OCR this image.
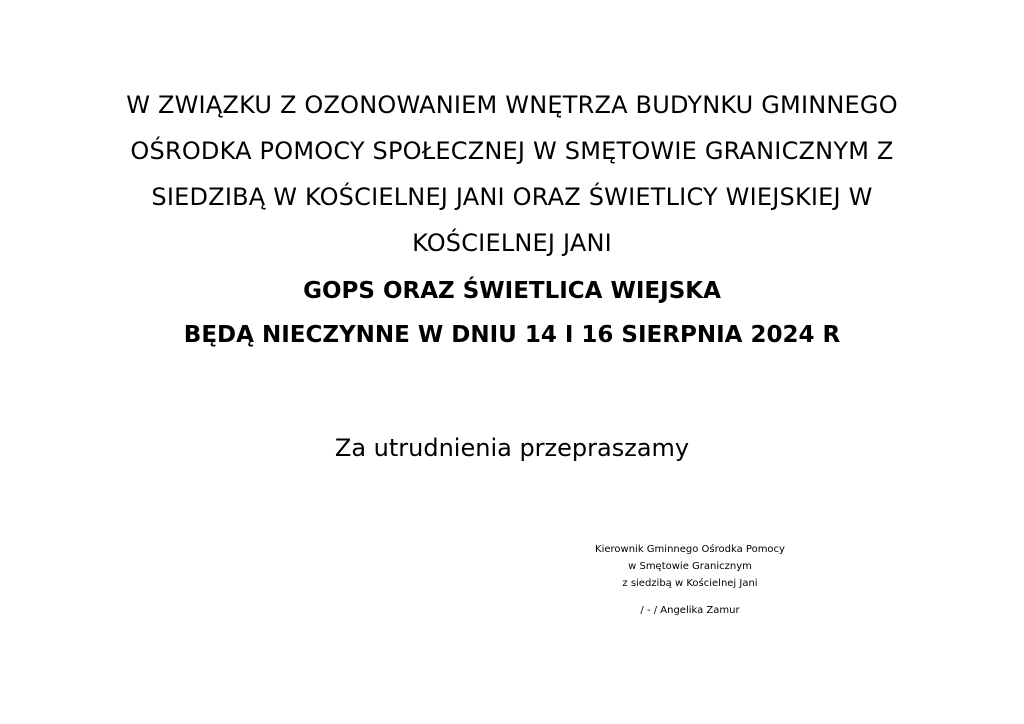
W ZWIĄZKU Z OZONOWANIEM WNĘTRZA BUDYNKU GMINNEGO OŚRODKA POMOCY SPOŁECZNEJ W SMĘTOWIE GRANICZNYM Z SIEDZIBĄ W KOŚCIELNEJ JANI ORAZ ŚWIETLICY WIEJSKIEJ W KOŚCIELNEJ JANI

GOPS ORAZ ŚWIETLICA WIEJSKA

BĘDĄ NIECZYNNE W DNIU 14 I 16 SIERPNIA 2024 R

Za utrudnienia przepraszamy

Kierownik Gminnego Ośrodka Pomocy
w Smętowie Granicznym
z siedzibą w Kościelnej Jani

/ - / Angelika Zamur
